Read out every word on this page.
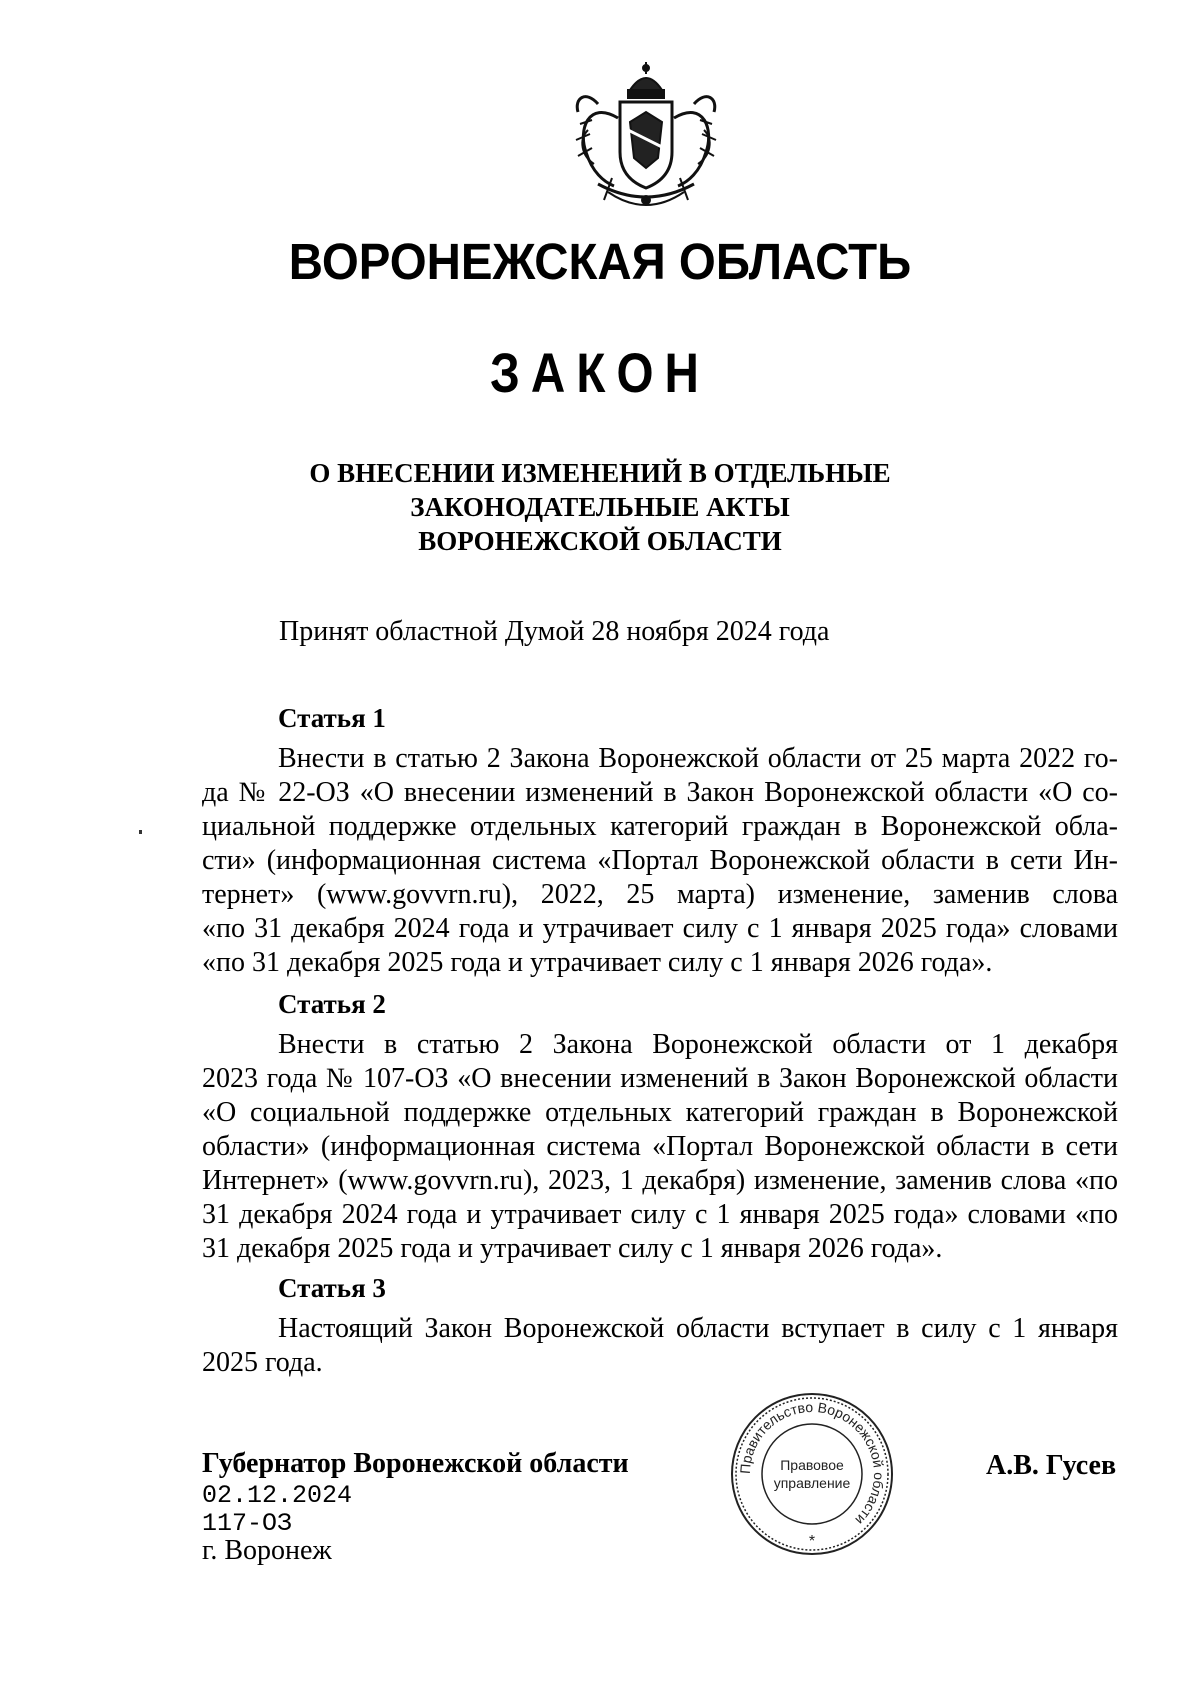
ВОРОНЕЖСКАЯ ОБЛАСТЬ
ЗАКОН
О ВНЕСЕНИИ ИЗМЕНЕНИЙ В ОТДЕЛЬНЫЕ
ЗАКОНОДАТЕЛЬНЫЕ АКТЫ
ВОРОНЕЖСКОЙ ОБЛАСТИ
Принят областной Думой 28 ноября 2024 года
Статья 1
Внести в статью 2 Закона Воронежской области от 25 марта 2022 го-
да № 22-ОЗ «О внесении изменений в Закон Воронежской области «О со-
циальной поддержке отдельных категорий граждан в Воронежской обла-
сти» (информационная система «Портал Воронежской области в сети Ин-
тернет» (www.govvrn.ru), 2022, 25 марта) изменение, заменив слова
«по 31 декабря 2024 года и утрачивает силу с 1 января 2025 года» словами
«по 31 декабря 2025 года и утрачивает силу с 1 января 2026 года».
Статья 2
Внести в статью 2 Закона Воронежской области от 1 декабря
2023 года № 107-ОЗ «О внесении изменений в Закон Воронежской области
«О социальной поддержке отдельных категорий граждан в Воронежской
области» (информационная система «Портал Воронежской области в сети
Интернет» (www.govvrn.ru), 2023, 1 декабря) изменение, заменив слова «по
31 декабря 2024 года и утрачивает силу с 1 января 2025 года» словами «по
31 декабря 2025 года и утрачивает силу с 1 января 2026 года».
Статья 3
Настоящий Закон Воронежской области вступает в силу с 1 января
2025 года.
Губернатор Воронежской области
02.12.2024
117-ОЗ
г. Воронеж
А.В. Гусев
Правительство Воронежской области
Правовое
управление
*
